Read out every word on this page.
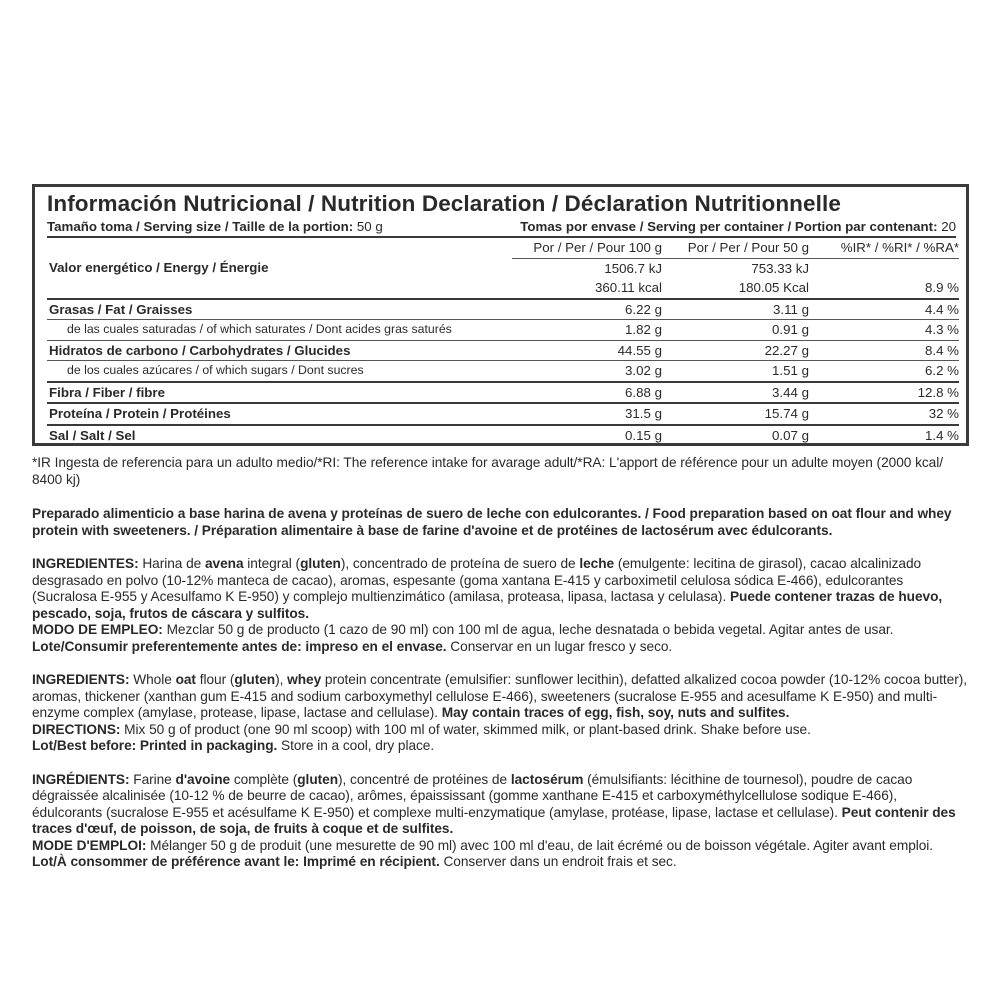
Información Nutricional / Nutrition Declaration / Déclaration Nutritionnelle
Tamaño toma / Serving size / Taille de la portion: 50 g	Tomas por envase / Serving per container / Portion par contenant: 20
	Por / Per / Pour 100 g	Por / Per / Pour 50 g	%IR* / %RI* / %RA*
Valor energético / Energy / Énergie	1506.7 kJ	753.33 kJ	
	360.11 kcal	180.05 Kcal	8.9 %
Grasas / Fat / Graisses	6.22 g	3.11 g	4.4 %
de las cuales saturadas / of which saturates / Dont acides gras saturés	1.82 g	0.91 g	4.3 %
Hidratos de carbono / Carbohydrates / Glucides	44.55 g	22.27 g	8.4 %
de los cuales azúcares / of which sugars / Dont sucres	3.02 g	1.51 g	6.2 %
Fibra / Fiber / fibre	6.88 g	3.44 g	12.8 %
Proteína / Protein / Protéines	31.5 g	15.74 g	32 %
Sal / Salt / Sel	0.15 g	0.07 g	1.4 %

*IR Ingesta de referencia para un adulto medio/*RI: The reference intake for avarage adult/*RA: L'apport de référence pour un adulte moyen (2000 kcal/ 8400 kj)

Preparado alimenticio a base harina de avena y proteínas de suero de leche con edulcorantes. / Food preparation based on oat flour and whey protein with sweeteners. / Préparation alimentaire à base de farine d'avoine et de protéines de lactosérum avec édulcorants.

INGREDIENTES: Harina de avena integral (gluten), concentrado de proteína de suero de leche (emulgente: lecitina de girasol), cacao alcalinizado desgrasado en polvo (10-12% manteca de cacao), aromas, espesante (goma xantana E-415 y carboximetil celulosa sódica E-466), edulcorantes (Sucralosa E-955 y Acesulfamo K E-950) y complejo multienzimático (amilasa, proteasa, lipasa, lactasa y celulasa). Puede contener trazas de huevo, pescado, soja, frutos de cáscara y sulfitos.

MODO DE EMPLEO: Mezclar 50 g de producto (1 cazo de 90 ml) con 100 ml de agua, leche desnatada o bebida vegetal. Agitar antes de usar.

Lote/Consumir preferentemente antes de: impreso en el envase. Conservar en un lugar fresco y seco.

INGREDIENTS: Whole oat flour (gluten), whey protein concentrate (emulsifier: sunflower lecithin), defatted alkalized cocoa powder (10-12% cocoa butter), aromas, thickener (xanthan gum E-415 and sodium carboxymethyl cellulose E-466), sweeteners (sucralose E-955 and acesulfame K E-950) and multi-enzyme complex (amylase, protease, lipase, lactase and cellulase). May contain traces of egg, fish, soy, nuts and sulfites.

DIRECTIONS: Mix 50 g of product (one 90 ml scoop) with 100 ml of water, skimmed milk, or plant-based drink. Shake before use.

Lot/Best before: Printed in packaging. Store in a cool, dry place.

INGRÉDIENTS: Farine d'avoine complète (gluten), concentré de protéines de lactosérum (émulsifiants: lécithine de tournesol), poudre de cacao dégraissée alcalinisée (10-12 % de beurre de cacao), arômes, épaississant (gomme xanthane E-415 et carboxyméthylcellulose sodique E-466), édulcorants (sucralose E-955 et acésulfame K E-950) et complexe multi-enzymatique (amylase, protéase, lipase, lactase et cellulase). Peut contenir des traces d'œuf, de poisson, de soja, de fruits à coque et de sulfites.

MODE D'EMPLOI: Mélanger 50 g de produit (une mesurette de 90 ml) avec 100 ml d'eau, de lait écrémé ou de boisson végétale. Agiter avant emploi.

Lot/À consommer de préférence avant le: Imprimé en récipient. Conserver dans un endroit frais et sec.
